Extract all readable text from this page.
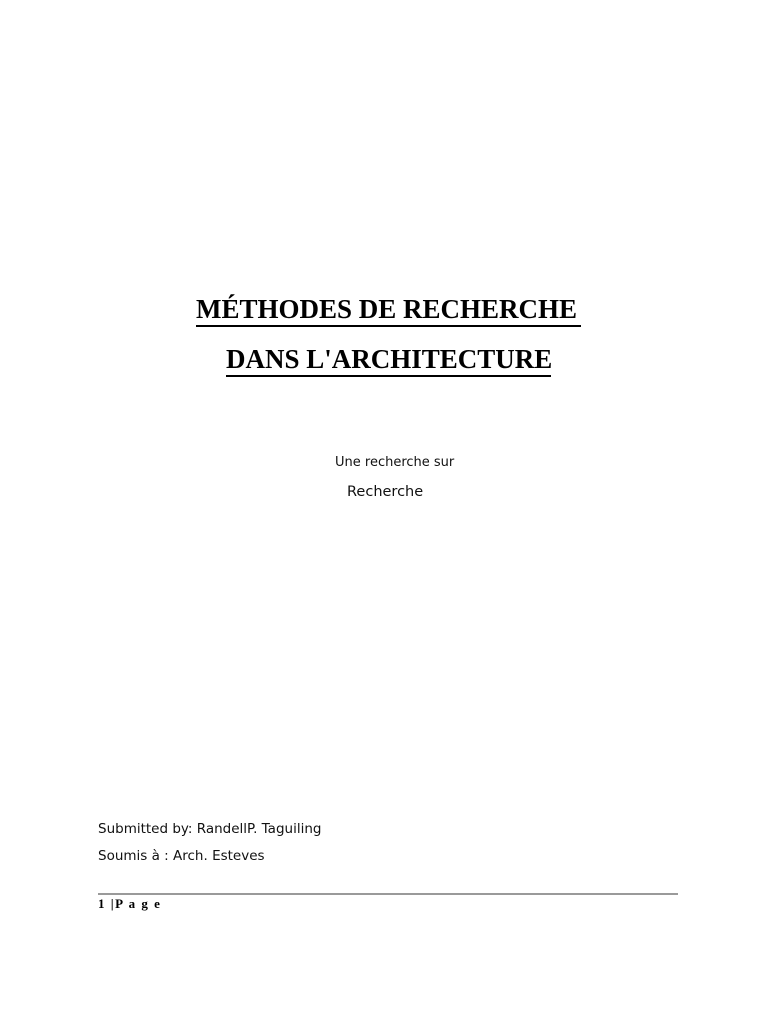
MÉTHODES DE RECHERCHE
DANS L'ARCHITECTURE
Une recherche sur
Recherche
Submitted by: RandellP. Taguiling
Soumis à : Arch. Esteves
1 |P a g e
